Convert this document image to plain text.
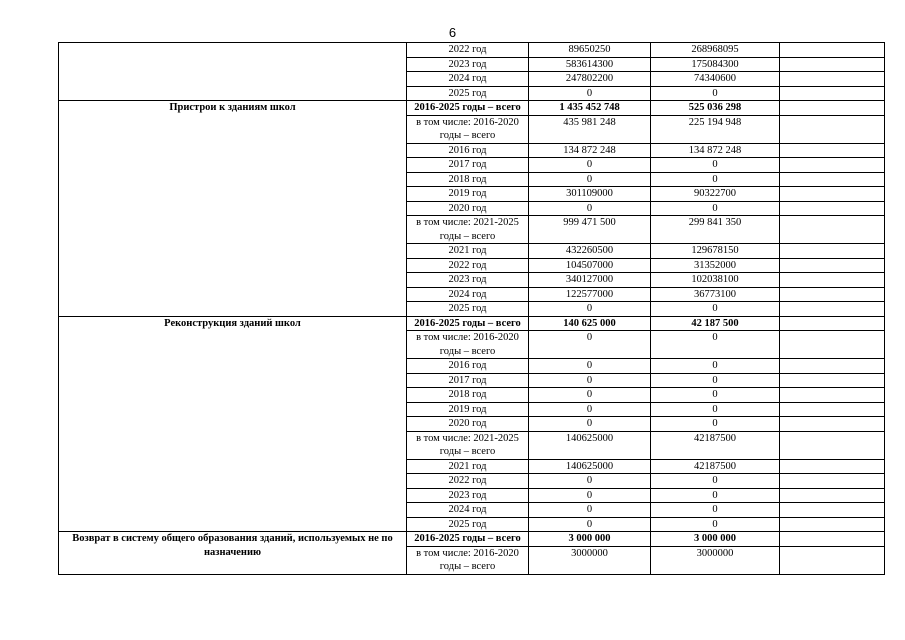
6
	2022 год	89650250	268968095	
	2023 год	583614300	175084300	
	2024 год	247802200	74340600	
	2025 год	0	0	
Пристрои к зданиям школ	2016-2025 годы – всего	1 435 452 748	525 036 298	
	в том числе: 2016-2020 годы – всего	435 981 248	225 194 948	
	2016 год	134 872 248	134 872 248	
	2017 год	0	0	
	2018 год	0	0	
	2019 год	301109000	90322700	
	2020 год	0	0	
	в том числе: 2021-2025 годы – всего	999 471 500	299 841 350	
	2021 год	432260500	129678150	
	2022 год	104507000	31352000	
	2023 год	340127000	102038100	
	2024 год	122577000	36773100	
	2025 год	0	0	
Реконструкция зданий школ	2016-2025 годы – всего	140 625 000	42 187 500	
	в том числе: 2016-2020 годы – всего	0	0	
	2016 год	0	0	
	2017 год	0	0	
	2018 год	0	0	
	2019 год	0	0	
	2020 год	0	0	
	в том числе: 2021-2025 годы – всего	140625000	42187500	
	2021 год	140625000	42187500	
	2022 год	0	0	
	2023 год	0	0	
	2024 год	0	0	
	2025 год	0	0	
Возврат в систему общего образования зданий, используемых не по назначению	2016-2025 годы – всего	3 000 000	3 000 000	
	в том числе: 2016-2020 годы – всего	3000000	3000000	
